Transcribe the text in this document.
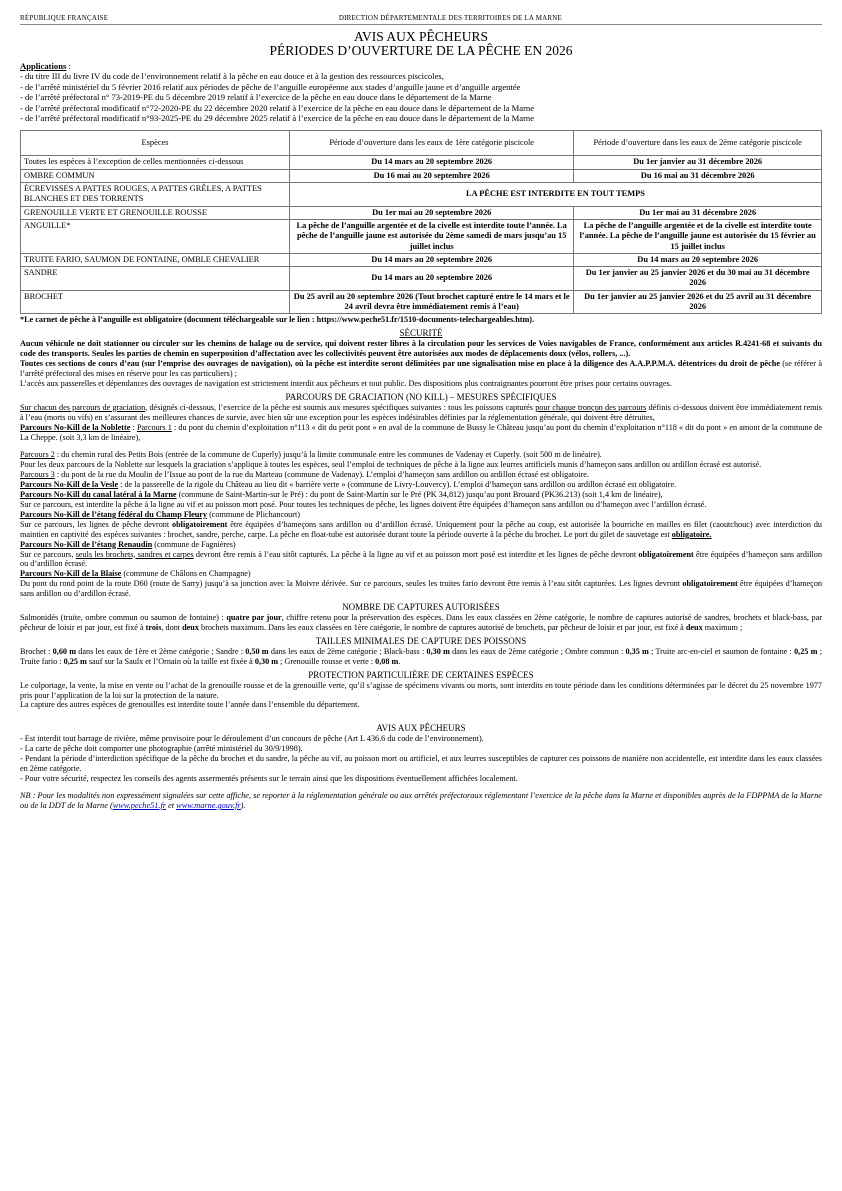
RÉPUBLIQUE FRANÇAISE	DIRECTION DÉPARTEMENTALE DES TERRITOIRES DE LA MARNE
AVIS AUX PÊCHEURS
PÉRIODES D’OUVERTURE DE LA PÊCHE EN 2026
Applications :
- du titre III du livre IV du code de l’environnement relatif à la pêche en eau douce et à la gestion des ressources piscicoles,
- de l’arrêté ministériel du 5 février 2016 relatif aux périodes de pêche de l’anguille européenne aux stades d’anguille jaune et d’anguille argentée
- de l’arrêté préfectoral n° 73-2019-PE du 5 décembre 2019 relatif à l’exercice de la pêche en eau douce dans le département de la Marne
- de l’arrêté préfectoral modificatif n°72-2020-PE du 22 décembre 2020 relatif à l’exercice de la pêche en eau douce dans le département de la Marne
- de l’arrêté préfectoral modificatif n°93-2025-PE du 29 décembre 2025 relatif à l’exercice de la pêche en eau douce dans le département de la Marne
Espèces	Période d’ouverture dans les eaux de 1ère catégorie piscicole	Période d’ouverture dans les eaux de 2ème catégorie piscicole
Toutes les espèces à l’exception de celles mentionnées ci-dessous	Du 14 mars au 20 septembre 2026	Du 1er janvier au 31 décembre 2026
OMBRE COMMUN	Du 16 mai au 20 septembre 2026	Du 16 mai au 31 décembre 2026
ÉCREVISSES A PATTES ROUGES, A PATTES GRÊLES, A PATTES BLANCHES ET DES TORRENTS	LA PÊCHE EST INTERDITE EN TOUT TEMPS	
GRENOUILLE VERTE ET GRENOUILLE ROUSSE	Du 1er mai au 20 septembre 2026	Du 1er mai au 31 décembre 2026
ANGUILLE*	La pêche de l’anguille argentée et de la civelle est interdite toute l’année. La pêche de l’anguille jaune est autorisée du 2ème samedi de mars jusqu’au 15 juillet inclus	La pêche de l’anguille argentée et de la civelle est interdite toute l’année. La pêche de l’anguille jaune est autorisée du 15 février au 15 juillet inclus
TRUITE FARIO, SAUMON DE FONTAINE, OMBLE CHEVALIER	Du 14 mars au 20 septembre 2026	Du 14 mars au 20 septembre 2026
SANDRE	Du 14 mars au 20 septembre 2026	Du 1er janvier au 25 janvier 2026 et du 30 mai au 31 décembre 2026
BROCHET	Du 25 avril au 20 septembre 2026 (Tout brochet capturé entre le 14 mars et le 24 avril devra être immédiatement remis à l’eau)	Du 1er janvier au 25 janvier 2026 et du 25 avril au 31 décembre 2026
*Le carnet de pêche à l’anguille est obligatoire (document téléchargeable sur le lien : https://www.peche51.fr/1510-documents-telechargeables.htm).
SÉCURITÉ
Aucun véhicule ne doit stationner ou circuler sur les chemins de halage ou de service, qui doivent rester libres à la circulation pour les services de Voies navigables de France, conformément aux articles R.4241-68 et suivants du code des transports. Seules les parties de chemin en superposition d’affectation avec les collectivités peuvent être autorisées aux modes de déplacements doux (vélos, rollers, ...).
Toutes ces sections de cours d’eau (sur l’emprise des ouvrages de navigation), où la pêche est interdite seront délimitées par une signalisation mise en place à la diligence des A.A.P.P.M.A. détentrices du droit de pêche (se référer à l’arrêté préfectoral des mises en réserve pour les cas particuliers) ;
L’accès aux passerelles et dépendances des ouvrages de navigation est strictement interdit aux pêcheurs et tout public. Des dispositions plus contraignantes pourront être prises pour certains ouvrages.
PARCOURS DE GRACIATION (NO KILL) – MESURES SPÉCIFIQUES
Sur chacun des parcours de graciation, désignés ci-dessous, l’exercice de la pêche est soumis aux mesures spécifiques suivantes : tous les poissons capturés pour chaque tronçon des parcours définis ci-dessous doivent être immédiatement remis à l’eau (morts ou vifs) en s’assurant des meilleures chances de survie, avec bien sûr une exception pour les espèces indésirables définies par la réglementation générale, qui doivent être détruites,
Parcours No-Kill de la Noblette : Parcours 1 : du pont du chemin d’exploitation n°113 « dit du petit pont » en aval de la commune de Bussy le Château jusqu’au pont du chemin d’exploitation n°118 « dit du pont » en amont de la commune de La Cheppe. (soit 3,3 km de linéaire),
Parcours 2 : du chemin rural des Petits Bois (entrée de la commune de Cuperly) jusqu’à la limite communale entre les communes de Vadenay et Cuperly. (soit 500 m de linéaire).
Pour les deux parcours de la Noblette sur lesquels la graciation s’applique à toutes les espèces, seul l’emploi de techniques de pêche à la ligne aux leurres artificiels munis d’hameçon sans ardillon ou ardillon écrasé est autorisé.
Parcours 3 : du pont de la rue du Moulin de l’Issue au pont de la rue du Marteau (commune de Vadenay). L’emploi d’hameçon sans ardillon ou ardillon écrasé est obligatoire.
Parcours No-Kill de la Vesle : de la passerelle de la rigole du Château au lieu dit « barrière verte » (commune de Livry-Louvercy). L’emploi d’hameçon sans ardillon ou ardillon écrasé est obligatoire.
Parcours No-Kill du canal latéral à la Marne (commune de Saint-Martin-sur le Pré) : du pont de Saint-Martin sur le Pré (PK 34,812) jusqu’au pont Brouard (PK36.213) (soit 1,4 km de linéaire),
Sur ce parcours, est interdite la pêche à la ligne au vif et au poisson mort posé. Pour toutes les techniques de pêche, les lignes doivent être équipées d’hameçon sans ardillon ou d’hameçon avec l’ardillon écrasé.
Parcours No-Kill de l’étang fédéral du Champ Fleury (commune de Plichancourt)
Sur ce parcours, les lignes de pêche devront obligatoirement être équipées d’hameçons sans ardillon ou d’ardillon écrasé. Uniquement pour la pêche au coup, est autorisée la bourriche en mailles en filet (caoutchouc) avec interdiction du maintien en captivité des espèces suivantes : brochet, sandre, perche, carpe. La pêche en float-tube est autorisée durant toute la période ouverte à la pêche du brochet. Le port du gilet de sauvetage est obligatoire.
Parcours No-Kill de l’étang Renaudin (commune de Fagnières)
Sur ce parcours, seuls les brochets, sandres et carpes devront être remis à l’eau sitôt capturés. La pêche à la ligne au vif et au poisson mort posé est interdite et les lignes de pêche devront obligatoirement être équipées d’hameçon sans ardillon ou d’ardillon écrasé.
Parcours No-Kill de la Blaise (commune de Châlons en Champagne)
Du pont du rond point de la route D60 (route de Sarry) jusqu’à sa jonction avec la Moivre dérivée. Sur ce parcours, seules les truites fario devront être remis à l’eau sitôt capturées. Les lignes devront obligatoirement être équipées d’hameçon sans ardillon ou d’ardillon écrasé.
NOMBRE DE CAPTURES AUTORISÉES
Salmonidés (truite, ombre commun ou saumon de fontaine) : quatre par jour, chiffre retenu pour la préservation des espèces. Dans les eaux classées en 2ème catégorie, le nombre de captures autorisé de sandres, brochets et black-bass, par pêcheur de loisir et par jour, est fixé à trois, dont deux brochets maximum. Dans les eaux classées en 1ère catégorie, le nombre de captures autorisé de brochets, par pêcheur de loisir et par jour, est fixé à deux maximum ;
TAILLES MINIMALES DE CAPTURE DES POISSONS
Brochet : 0,60 m dans les eaux de 1ère et 2ème catégorie ; Sandre : 0,50 m dans les eaux de 2ème catégorie ; Black-bass : 0,30 m dans les eaux de 2ème catégorie ; Ombre commun : 0,35 m ; Truite arc-en-ciel et saumon de fontaine : 0,25 m ; Truite fario : 0,25 m sauf sur la Saulx et l’Ornain où la taille est fixée à 0,30 m ; Grenouille rousse et verte : 0,08 m.
PROTECTION PARTICULIÈRE DE CERTAINES ESPÈCES
Le colportage, la vente, la mise en vente ou l’achat de la grenouille rousse et de la grenouille verte, qu’il s’agisse de spécimens vivants ou morts, sont interdits en toute période dans les conditions déterminées par le décret du 25 novembre 1977 pris pour l’application de la loi sur la protection de la nature.
La capture des autres espèces de grenouilles est interdite toute l’année dans l’ensemble du département.
AVIS AUX PÊCHEURS
- Est interdit tout barrage de rivière, même provisoire pour le déroulement d’un concours de pêche (Art L 436.6 du code de l’environnement).
- La carte de pêche doit comporter une photographie (arrêté ministériel du 30/9/1998).
- Pendant la période d’interdiction spécifique de la pêche du brochet et du sandre, la pêche au vif, au poisson mort ou artificiel, et aux leurres susceptibles de capturer ces poissons de manière non accidentelle, est interdite dans les eaux classées en 2ème catégorie.
- Pour votre sécurité, respectez les conseils des agents assermentés présents sur le terrain ainsi que les dispositions éventuellement affichées localement.
NB : Pour les modalités non expressément signalées sur cette affiche, se reporter à la réglementation générale ou aux arrêtés préfectoraux réglementant l’exercice de la pêche dans la Marne et disponibles auprès de la FDPPMA de la Marne ou de la DDT de la Marne (www.peche51.fr et www.marne.gouv.fr).
